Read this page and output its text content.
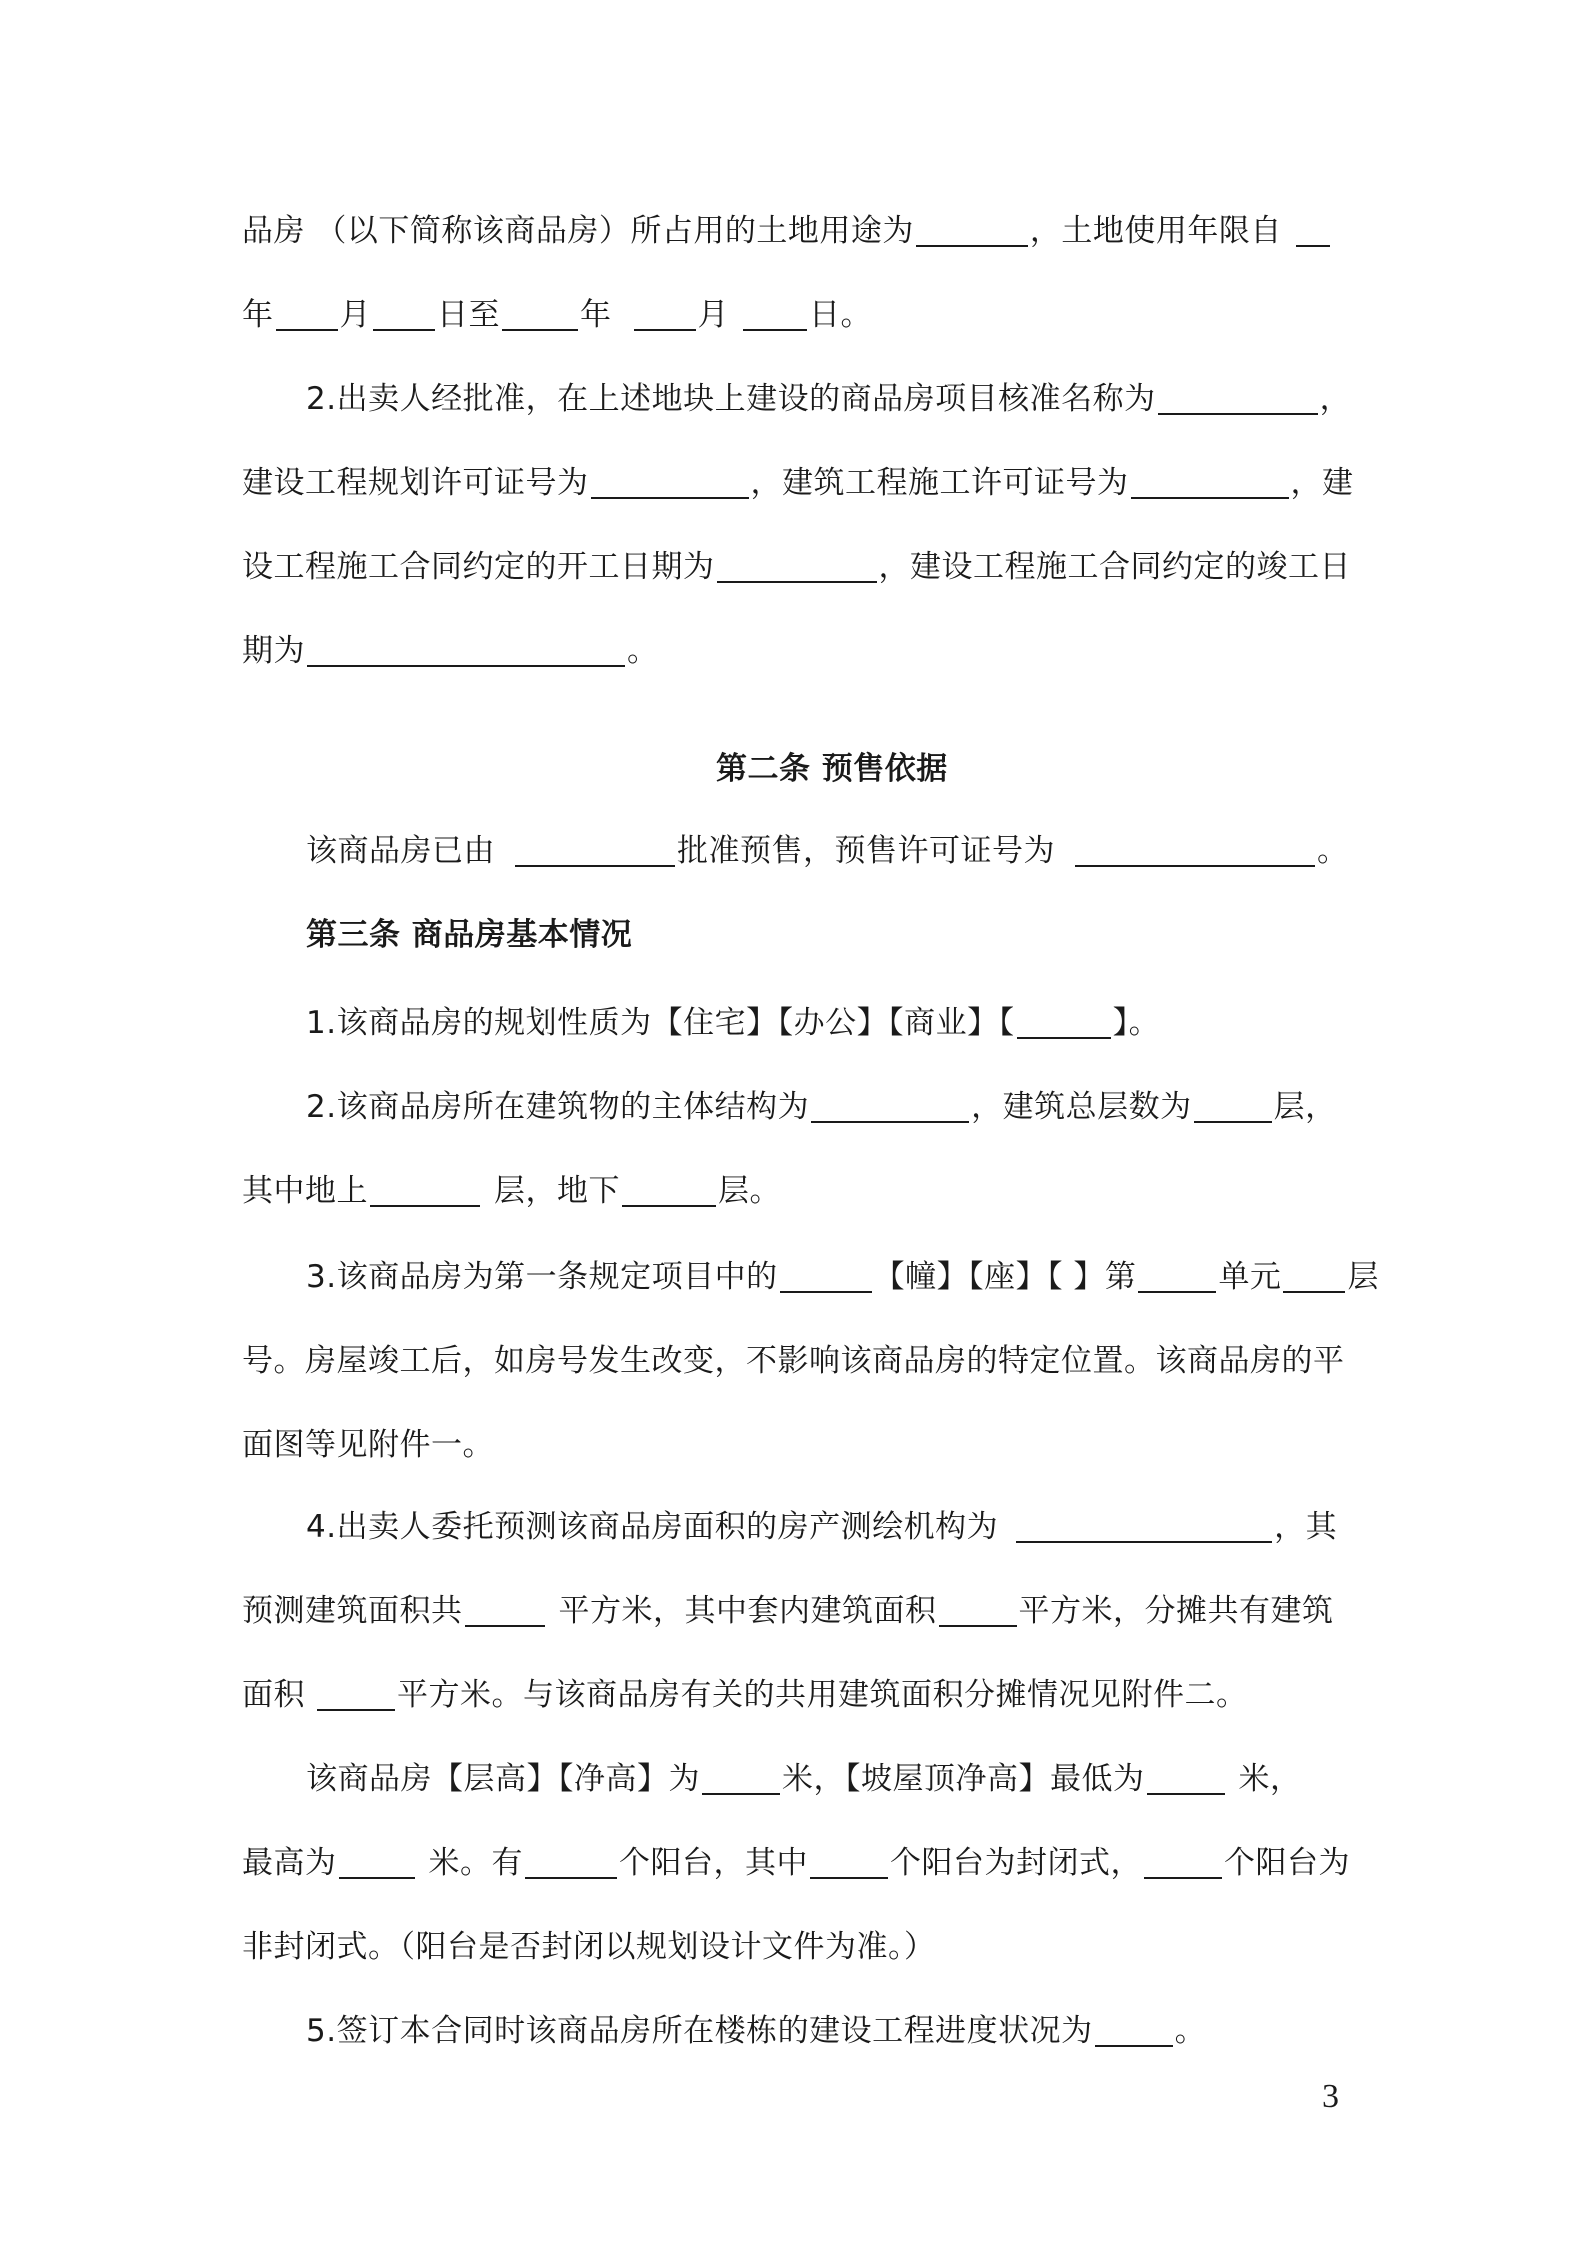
品房 （以下简称该商品房）所占用的土地用途为	，土地使用年限自
年 月 日至	年	月	日。
2.出卖人经批准，在上述地块上建设的商品房项目核准名称为	，
建设工程规划许可证号为	，建筑工程施工许可证号为	，建
设工程施工合同约定的开工日期为	，建设工程施工合同约定的竣工日
期为	。
第二条 预售依据
该商品房已由	批准预售，预售许可证号为	。
第三条 商品房基本情况
1.该商品房的规划性质为【住宅】【办公】【商业】【	】。
2.该商品房所在建筑物的主体结构为	，建筑总层数为	层，
其中地上	层，地下	层。
3.该商品房为第一条规定项目中的	【幢】【座】【 】第	单元 层
号。房屋竣工后，如房号发生改变，不影响该商品房的特定位置。该商品房的平
面图等见附件一。
4.出卖人委托预测该商品房面积的房产测绘机构为	，其
预测建筑面积共	平方米，其中套内建筑面积	平方米，分摊共有建筑
面积	平方米。与该商品房有关的共用建筑面积分摊情况见附件二。
该商品房【层高】【净高】为	米，【坡屋顶净高】最低为	米，
最高为	米。有	个阳台，其中	个阳台为封闭式，	个阳台为
非封闭式。（阳台是否封闭以规划设计文件为准。）
5.签订本合同时该商品房所在楼栋的建设工程进度状况为	。
3
